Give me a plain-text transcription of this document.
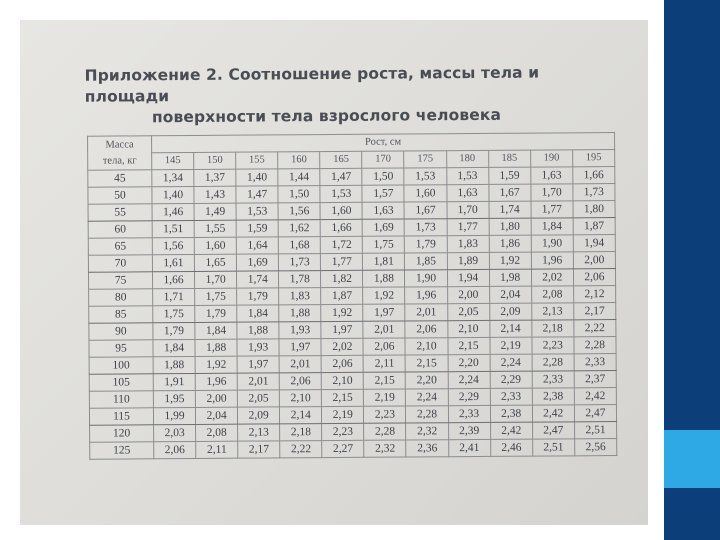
Приложение 2. Соотношение роста, массы тела и площади
поверхности тела взрослого человека
Масса
тела, кг	Рост, см										
	145	150	155	160	165	170	175	180	185	190	195
45	1,34	1,37	1,40	1,44	1,47	1,50	1,53	1,53	1,59	1,63	1,66
50	1,40	1,43	1,47	1,50	1,53	1,57	1,60	1,63	1,67	1,70	1,73
55	1,46	1,49	1,53	1,56	1,60	1,63	1,67	1,70	1,74	1,77	1,80
60	1,51	1,55	1,59	1,62	1,66	1,69	1,73	1,77	1,80	1,84	1,87
65	1,56	1,60	1,64	1,68	1,72	1,75	1,79	1,83	1,86	1,90	1,94
70	1,61	1,65	1,69	1,73	1,77	1,81	1,85	1,89	1,92	1,96	2,00
75	1,66	1,70	1,74	1,78	1,82	1,88	1,90	1,94	1,98	2,02	2,06
80	1,71	1,75	1,79	1,83	1,87	1,92	1,96	2,00	2,04	2,08	2,12
85	1,75	1,79	1,84	1,88	1,92	1,97	2,01	2,05	2,09	2,13	2,17
90	1,79	1,84	1,88	1,93	1,97	2,01	2,06	2,10	2,14	2,18	2,22
95	1,84	1,88	1,93	1,97	2,02	2,06	2,10	2,15	2,19	2,23	2,28
100	1,88	1,92	1,97	2,01	2,06	2,11	2,15	2,20	2,24	2,28	2,33
105	1,91	1,96	2,01	2,06	2,10	2,15	2,20	2,24	2,29	2,33	2,37
110	1,95	2,00	2,05	2,10	2,15	2,19	2,24	2,29	2,33	2,38	2,42
115	1,99	2,04	2,09	2,14	2,19	2,23	2,28	2,33	2,38	2,42	2,47
120	2,03	2,08	2,13	2,18	2,23	2,28	2,32	2,39	2,42	2,47	2,51
125	2,06	2,11	2,17	2,22	2,27	2,32	2,36	2,41	2,46	2,51	2,56
